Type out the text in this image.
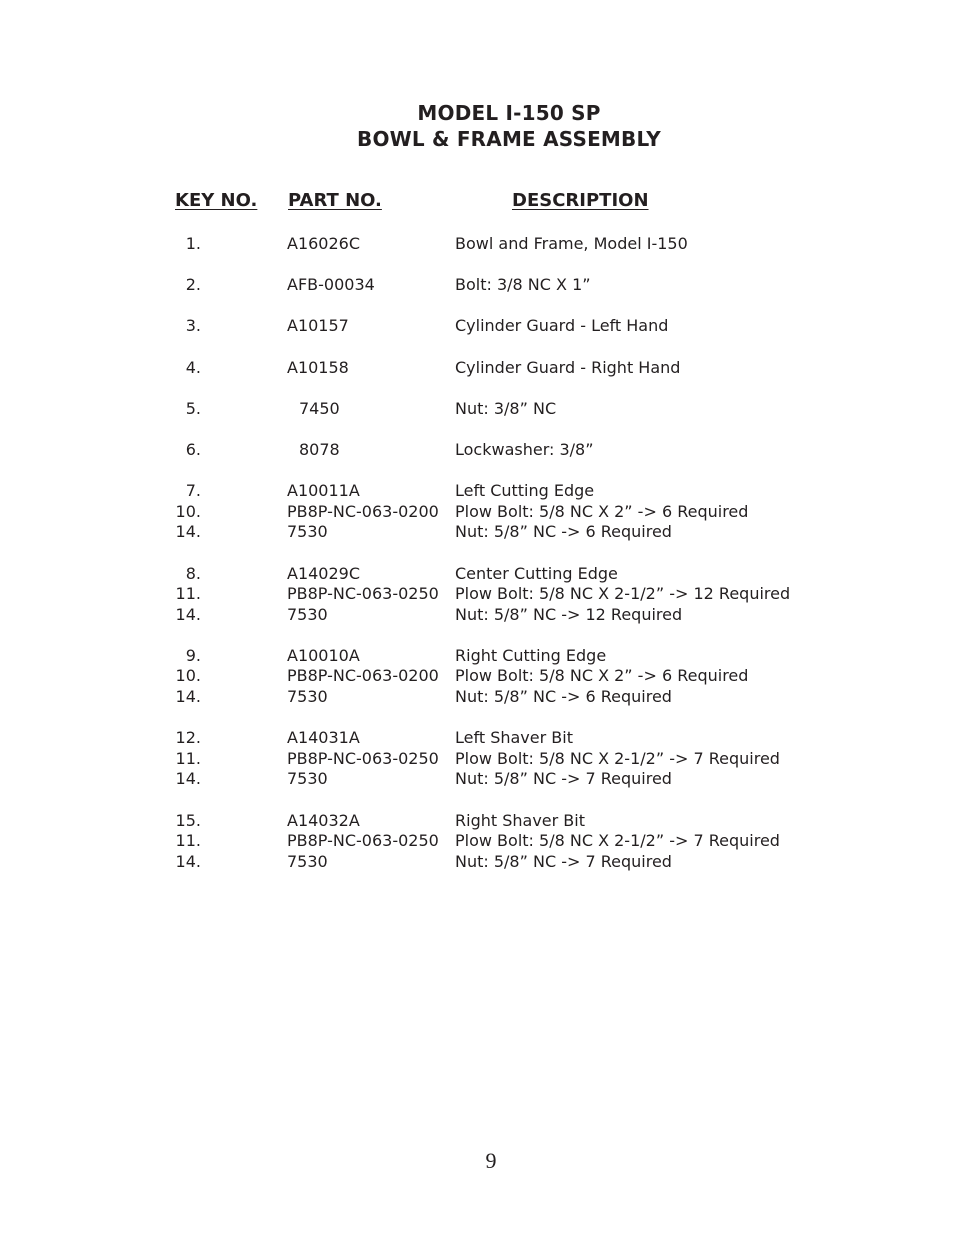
MODEL I-150 SP
BOWL & FRAME ASSEMBLY
KEY NO. PART NO.	DESCRIPTION
1.	A16026C	Bowl and Frame, Model I-150
2.	AFB-00034	Bolt: 3/8 NC X 1”
3.	A10157	Cylinder Guard - Left Hand
4.	A10158	Cylinder Guard - Right Hand
5.	7450	Nut: 3/8” NC
6.	8078	Lockwasher: 3/8”
7.	A10011A	Left Cutting Edge
10.	PB8P-NC-063-0200 Plow Bolt: 5/8 NC X 2” -> 6 Required
14.	7530	Nut: 5/8” NC -> 6 Required
8.	A14029C	Center Cutting Edge
11.	PB8P-NC-063-0250 Plow Bolt: 5/8 NC X 2-1/2” -> 12 Required
14.	7530	Nut: 5/8” NC -> 12 Required
9.	A10010A	Right Cutting Edge
10.	PB8P-NC-063-0200 Plow Bolt: 5/8 NC X 2” -> 6 Required
14.	7530	Nut: 5/8” NC -> 6 Required
12.	A14031A	Left Shaver Bit
11.	PB8P-NC-063-0250 Plow Bolt: 5/8 NC X 2-1/2” -> 7 Required
14.	7530	Nut: 5/8” NC -> 7 Required
15.	A14032A	Right Shaver Bit
11.	PB8P-NC-063-0250 Plow Bolt: 5/8 NC X 2-1/2” -> 7 Required
14.	7530	Nut: 5/8” NC -> 7 Required
9
